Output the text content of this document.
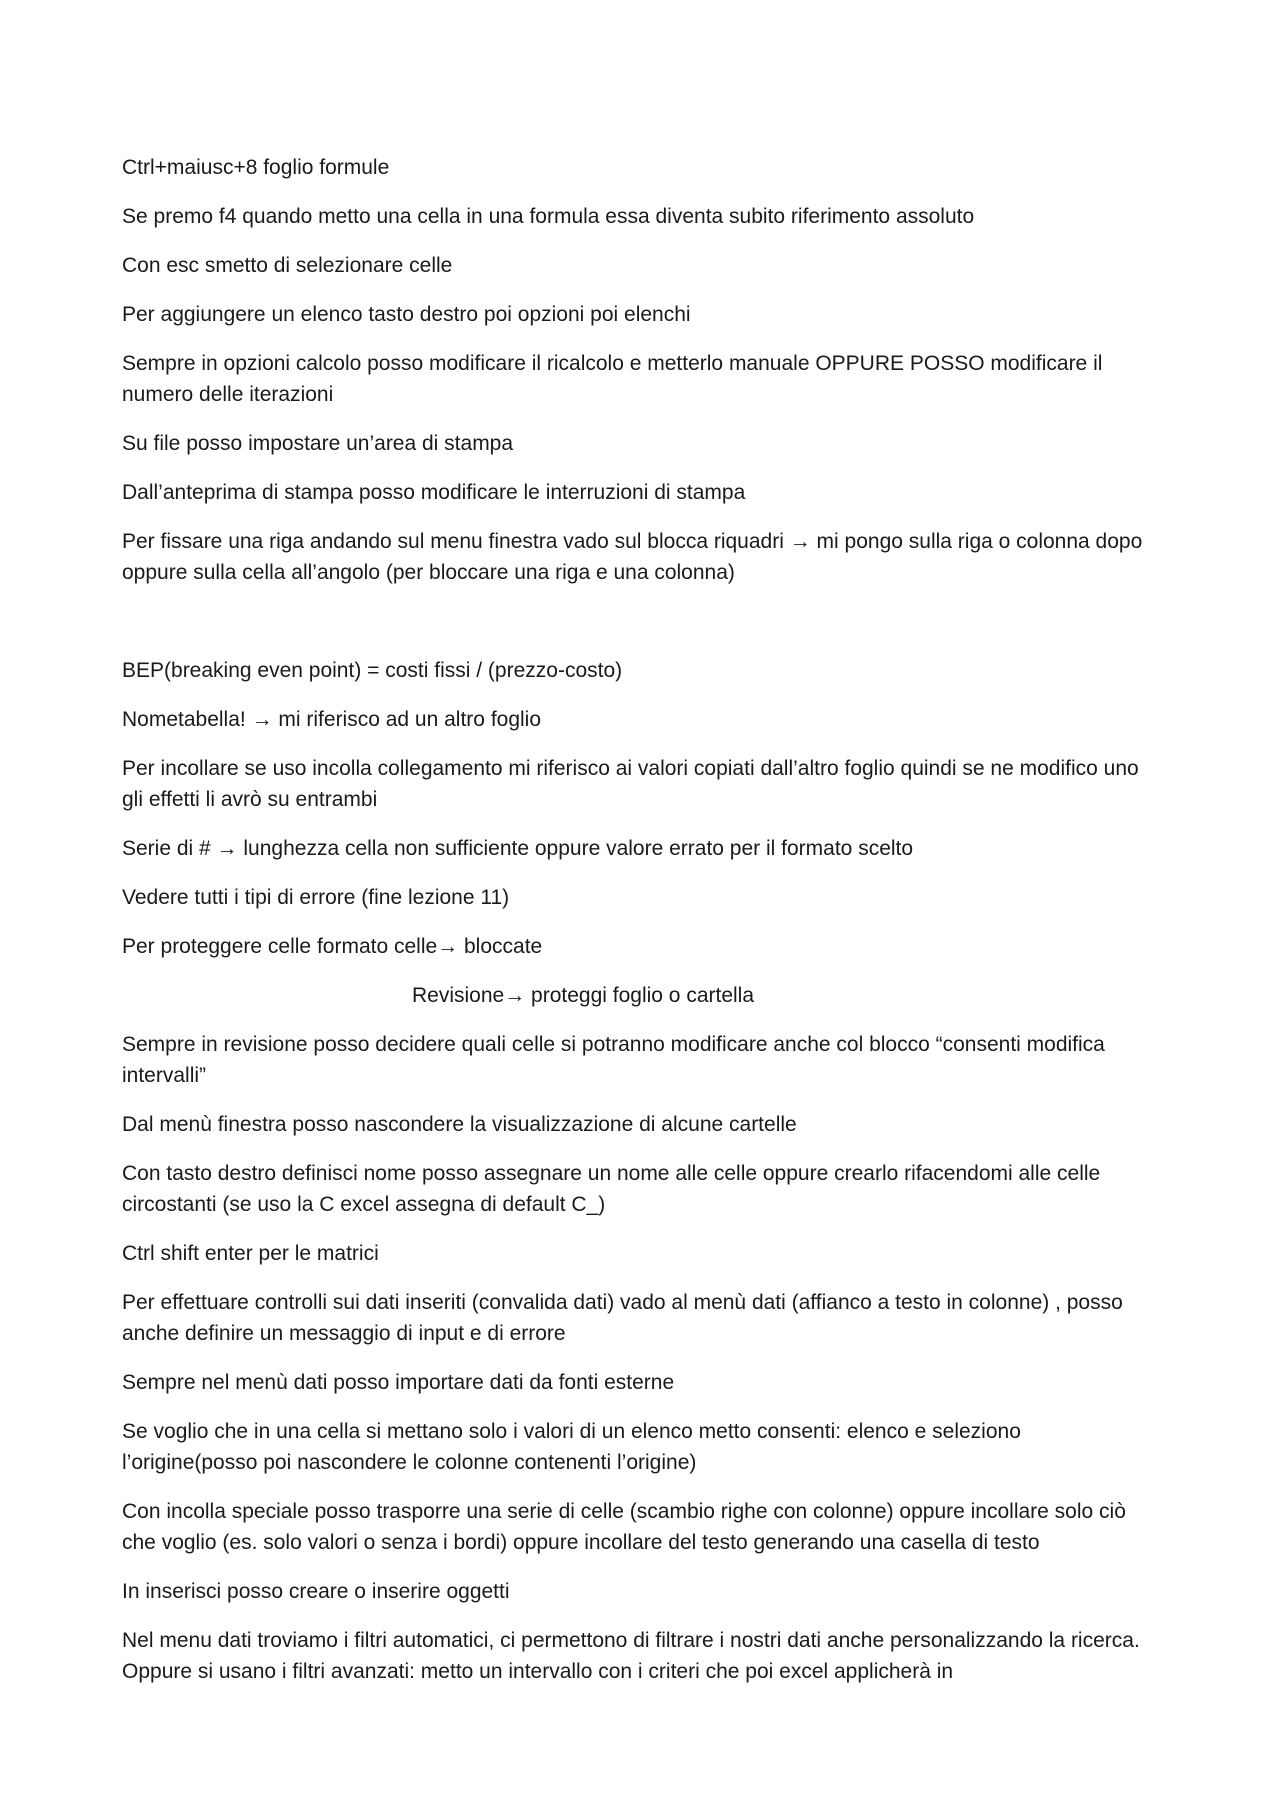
Ctrl+maiusc+8 foglio formule

Se premo f4 quando metto una cella in una formula essa diventa subito riferimento assoluto

Con esc smetto di selezionare celle

Per aggiungere un elenco tasto destro poi opzioni poi elenchi

Sempre in opzioni calcolo posso modificare il ricalcolo e metterlo manuale OPPURE POSSO modificare il numero delle iterazioni

Su file posso impostare un’area di stampa

Dall’anteprima di stampa posso modificare le interruzioni di stampa

Per fissare una riga andando sul menu finestra vado sul blocca riquadri → mi pongo sulla riga o colonna dopo oppure sulla cella all’angolo (per bloccare una riga e una colonna)

BEP(breaking even point) = costi fissi / (prezzo-costo)

Nometabella! → mi riferisco ad un altro foglio

Per incollare se uso incolla collegamento mi riferisco ai valori copiati dall’altro foglio quindi se ne modifico uno gli effetti li avrò su entrambi

Serie di # → lunghezza cella non sufficiente oppure valore errato per il formato scelto

Vedere tutti i tipi di errore (fine lezione 11)

Per proteggere celle formato celle→ bloccate

Revisione→ proteggi foglio o cartella

Sempre in revisione posso decidere quali celle si potranno modificare anche col blocco “consenti modifica intervalli”

Dal menù finestra posso nascondere la visualizzazione di alcune cartelle

Con tasto destro definisci nome posso assegnare un nome alle celle oppure crearlo rifacendomi alle celle circostanti (se uso la C excel assegna di default C_)

Ctrl shift enter per le matrici

Per effettuare controlli sui dati inseriti (convalida dati) vado al menù dati (affianco a testo in colonne) , posso anche definire un messaggio di input e di errore

Sempre nel menù dati posso importare dati da fonti esterne

Se voglio che in una cella si mettano solo i valori di un elenco metto consenti: elenco e seleziono l’origine(posso poi nascondere le colonne contenenti l’origine)

Con incolla speciale posso trasporre una serie di celle (scambio righe con colonne) oppure incollare solo ciò che voglio (es. solo valori o senza i bordi) oppure incollare del testo generando una casella di testo

In inserisci posso creare o inserire oggetti

Nel menu dati troviamo i filtri automatici, ci permettono di filtrare i nostri dati anche personalizzando la ricerca. Oppure si usano i filtri avanzati: metto un intervallo con i criteri che poi excel applicherà in
